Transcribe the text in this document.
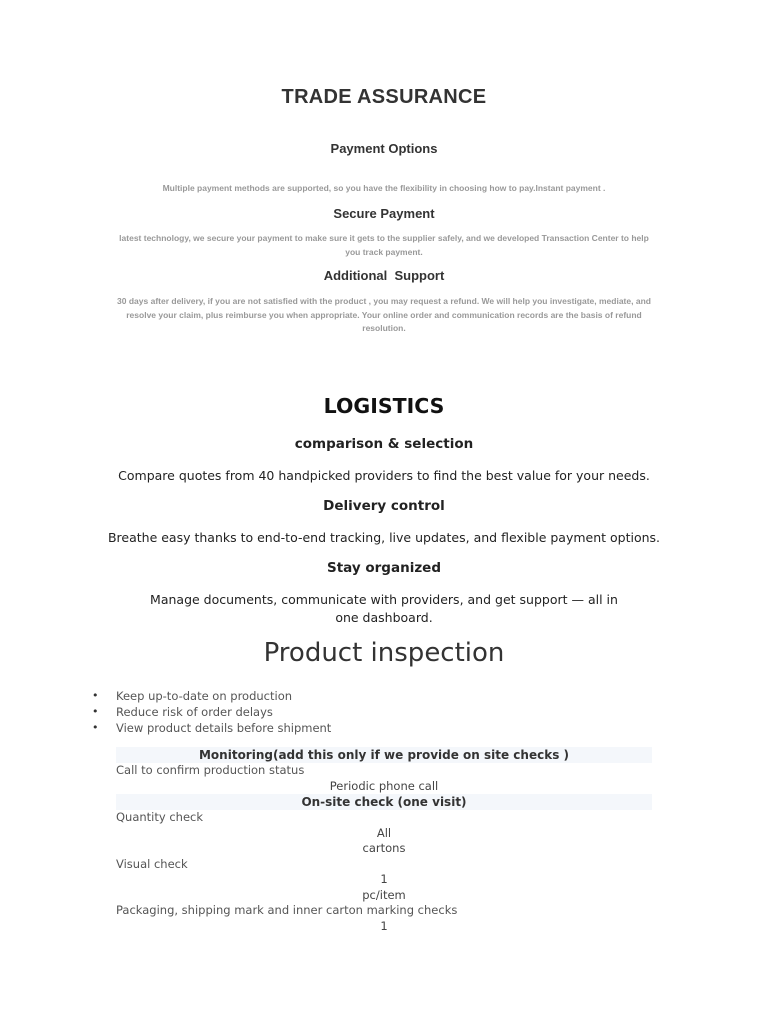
TRADE ASSURANCE
Payment Options
Multiple payment methods are supported, so you have the flexibility in choosing how to pay.Instant payment .
Secure Payment
latest technology, we secure your payment to make sure it gets to the supplier safely, and we developed Transaction Center to help you track payment.
Additional  Support
30 days after delivery, if you are not satisfied with the product , you may request a refund. We will help you investigate, mediate, and resolve your claim, plus reimburse you when appropriate. Your online order and communication records are the basis of refund resolution.
LOGISTICS
comparison & selection
Compare quotes from 40 handpicked providers to find the best value for your needs.
Delivery control
Breathe easy thanks to end-to-end tracking, live updates, and flexible payment options.
Stay organized
Manage documents, communicate with providers, and get support — all in one dashboard.
Product inspection
• Keep up-to-date on production
• Reduce risk of order delays
• View product details before shipment
Monitoring(add this only if we provide on site checks )
Call to confirm production status
Periodic phone call
On-site check (one visit)
Quantity check
All
cartons
Visual check
1
pc/item
Packaging, shipping mark and inner carton marking checks
1
